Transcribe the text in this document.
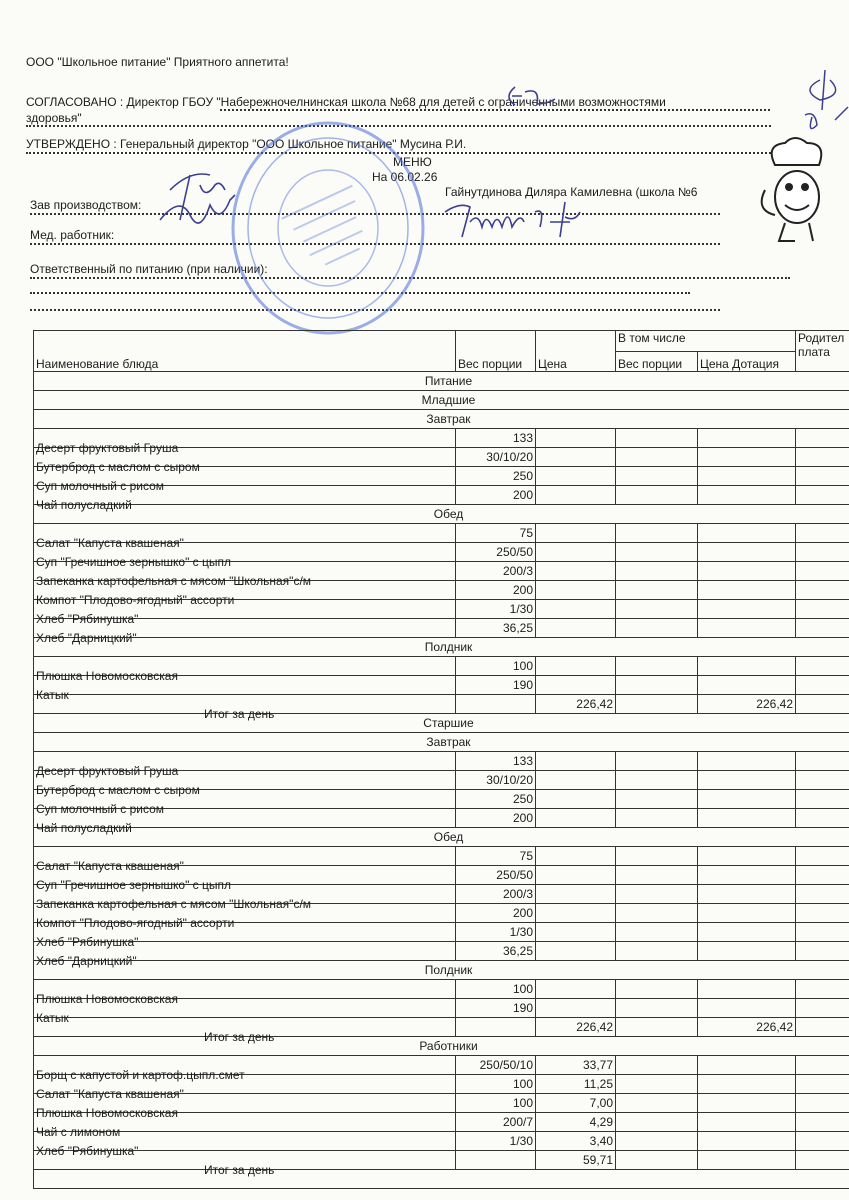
ООО "Школьное питание" Приятного аппетита!
СОГЛАСОВАНО : Директор ГБОУ "Набережночелнинская школа №68 для детей с ограниченными возможностями
здоровья"
УТВЕРЖДЕНО : Генеральный директор "ООО Школьное питание" Мусина Р.И.
МЕНЮ
На 06.02.26
Гайнутдинова Диляра Камилевна (школа №6
Зав производством:
Мед. работник:
Ответственный по питанию (при наличии):
Наименование блюда	Вес порции	Цена	В том числе		Родител
плата
			Вес порции	Цена Дотация	
Питание					
Младшие					
Завтрак					

Десерт фруктовый Груша	133				

Бутерброд с маслом с сыром	30/10/20				

Суп молочный с рисом	250				

Чай полусладкий	200				
Обед					

Салат "Капуста квашеная"	75				

Суп "Гречишное зернышко" с цыпл	250/50				

Запеканка картофельная с мясом "Школьная"с/м	200/3				

Компот "Плодово-ягодный" ассорти	200				

Хлеб "Рябинушка"	1/30				

Хлеб "Дарницкий"	36,25				
Полдник					

Плюшка Новомосковская	100				

Катык	190				

Итог за день		226,42		226,42	
Старшие					
Завтрак					

Десерт фруктовый Груша	133				

Бутерброд с маслом с сыром	30/10/20				

Суп молочный с рисом	250				

Чай полусладкий	200				
Обед					

Салат "Капуста квашеная"	75				

Суп "Гречишное зернышко" с цыпл	250/50				

Запеканка картофельная с мясом "Школьная"с/м	200/3				

Компот "Плодово-ягодный" ассорти	200				

Хлеб "Рябинушка"	1/30				

Хлеб "Дарницкий"	36,25				
Полдник					

Плюшка Новомосковская	100				

Катык	190				

Итог за день		226,42		226,42	
Работники					

Борщ с капустой и картоф.цыпл.смет	250/50/10	33,77			

Салат "Капуста квашеная"	100	11,25			

Плюшка Новомосковская	100	7,00			

Чай с лимоном	200/7	4,29			

Хлеб "Рябинушка"	1/30	3,40			

Итог за день		59,71			
